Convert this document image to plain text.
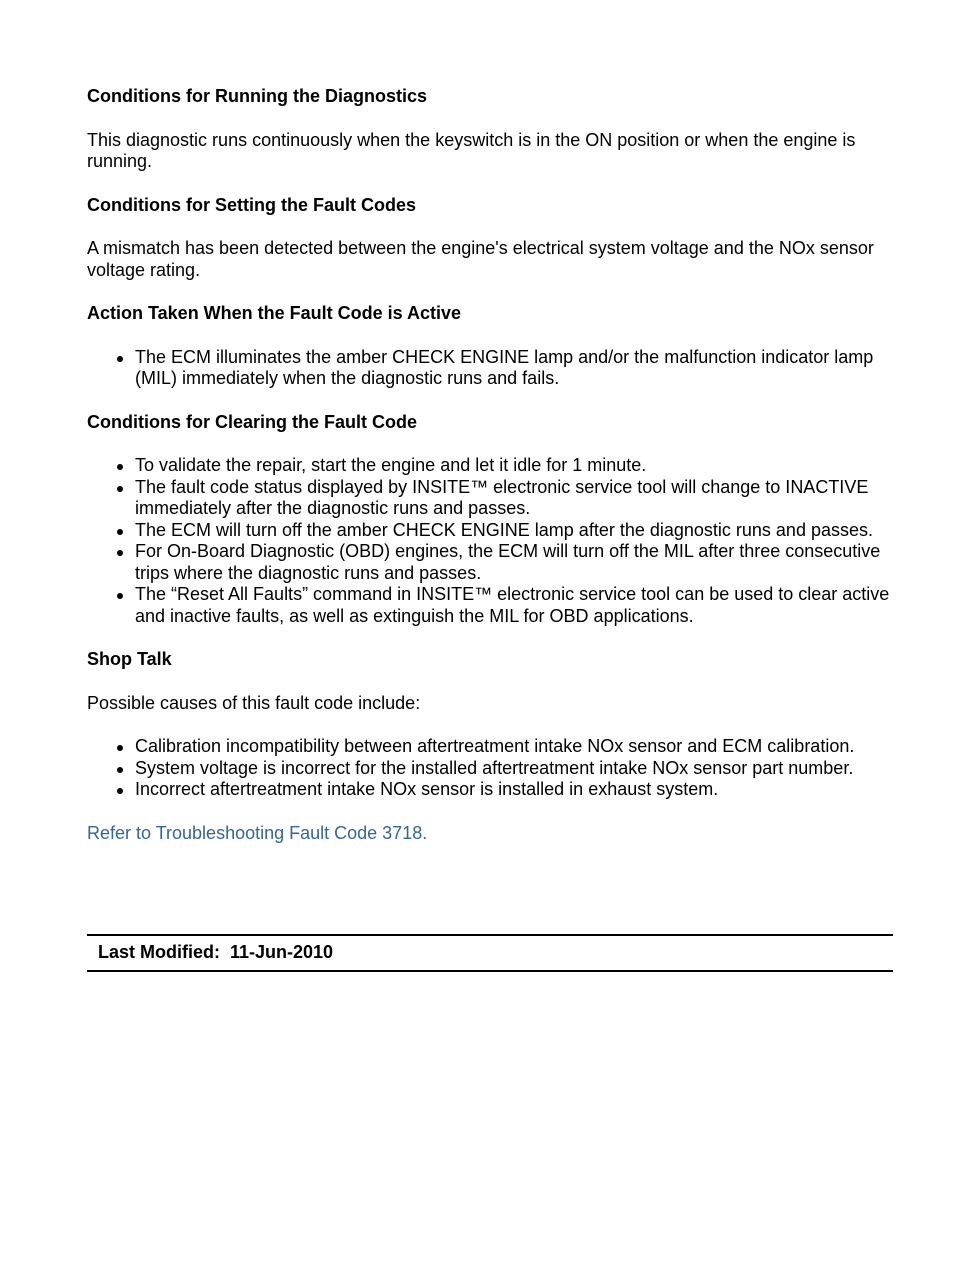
Conditions for Running the Diagnostics

This diagnostic runs continuously when the keyswitch is in the ON position or when the engine is running.

Conditions for Setting the Fault Codes

A mismatch has been detected between the engine's electrical system voltage and the NOx sensor voltage rating.

Action Taken When the Fault Code is Active

The ECM illuminates the amber CHECK ENGINE lamp and/or the malfunction indicator lamp (MIL) immediately when the diagnostic runs and fails.

Conditions for Clearing the Fault Code

To validate the repair, start the engine and let it idle for 1 minute.
The fault code status displayed by INSITE™ electronic service tool will change to INACTIVE immediately after the diagnostic runs and passes.
The ECM will turn off the amber CHECK ENGINE lamp after the diagnostic runs and passes.
For On-Board Diagnostic (OBD) engines, the ECM will turn off the MIL after three consecutive trips where the diagnostic runs and passes.
The “Reset All Faults” command in INSITE™ electronic service tool can be used to clear active and inactive faults, as well as extinguish the MIL for OBD applications.

Shop Talk

Possible causes of this fault code include:

Calibration incompatibility between aftertreatment intake NOx sensor and ECM calibration.
System voltage is incorrect for the installed aftertreatment intake NOx sensor part number.
Incorrect aftertreatment intake NOx sensor is installed in exhaust system.

Refer to Troubleshooting Fault Code 3718.

Last Modified:  11-Jun-2010
